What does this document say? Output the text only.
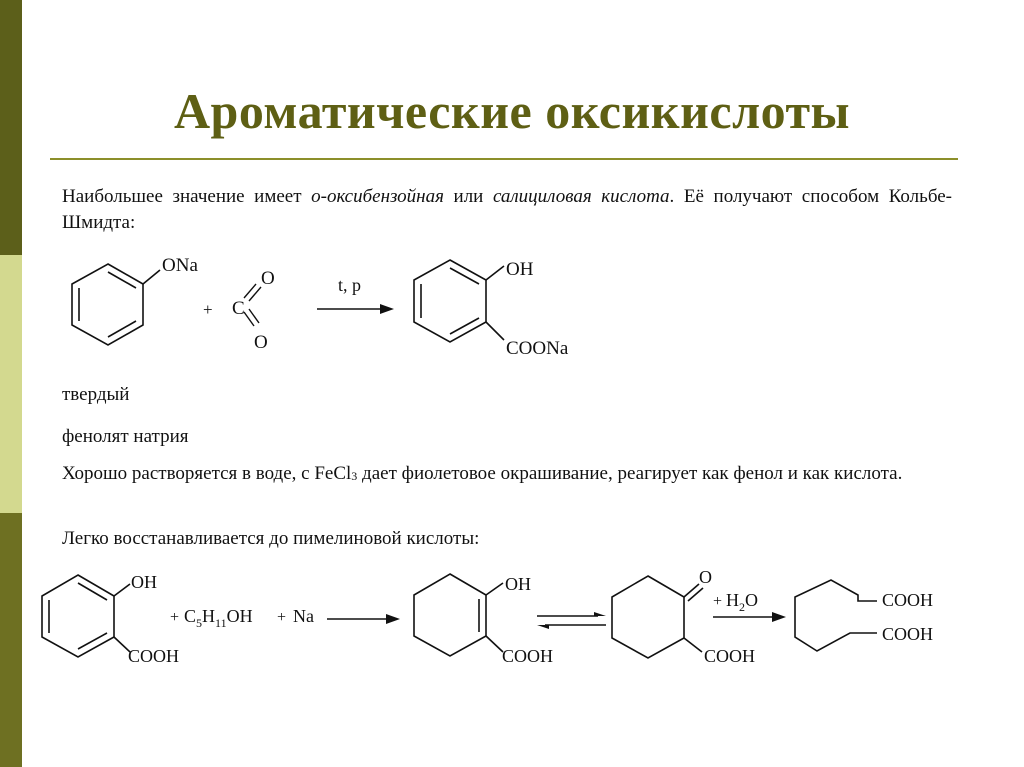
Ароматические оксикислоты
Наибольшее значение имеет о-оксибензойная или салициловая кислота. Её получают способом Кольбе-Шмидта:
ONa
+ C
O
O
t, p
OH
COONa
твердый
фенолят натрия
Хорошо растворяется в воде, с FeCl3 дает фиолетовое окрашивание, реагирует как фенол и как кислота.
Легко восстанавливается до пимелиновой кислоты:
OH
COOH
+ $C_5H_{11}OH + Na$
OH
COOH
O
COOH
+ $H_2O$	COOH
COOH
